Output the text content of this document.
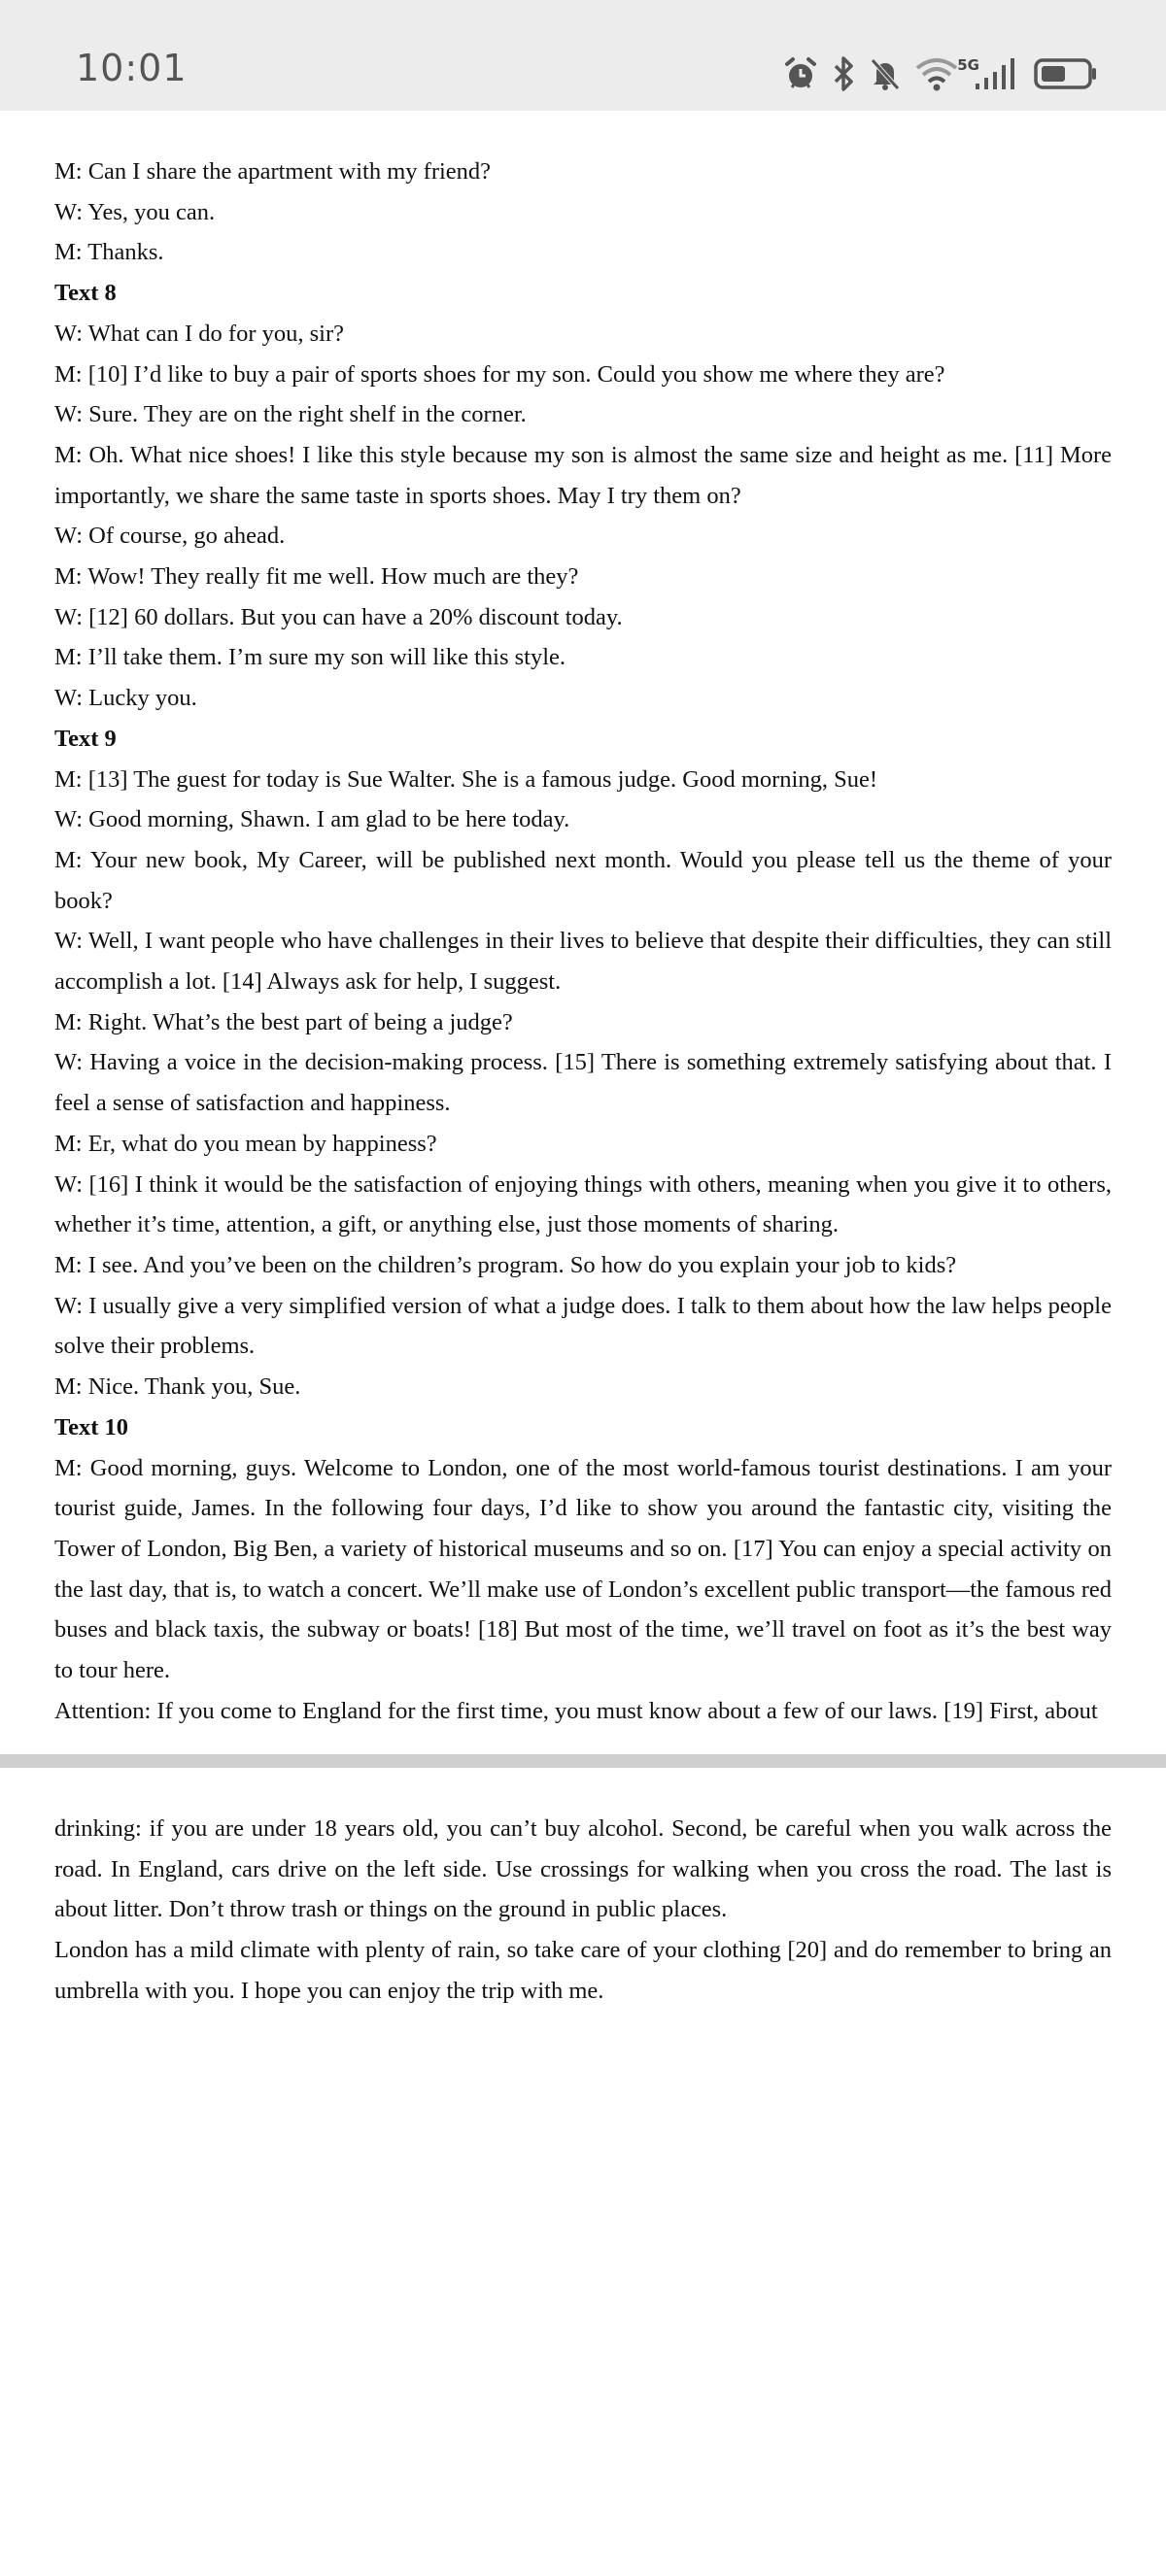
10:01	5G

M: Can I share the apartment with my friend?

W: Yes, you can.

M: Thanks.

Text 8

W: What can I do for you, sir?

M: [10] I’d like to buy a pair of sports shoes for my son. Could you show me where they are?

W: Sure. They are on the right shelf in the corner.

M: Oh. What nice shoes! I like this style because my son is almost the same size and height as me. [11] More importantly, we share the same taste in sports shoes. May I try them on?

W: Of course, go ahead.

M: Wow! They really fit me well. How much are they?

W: [12] 60 dollars. But you can have a 20% discount today.

M: I’ll take them. I’m sure my son will like this style.

W: Lucky you.

Text 9

M: [13] The guest for today is Sue Walter. She is a famous judge. Good morning, Sue!

W: Good morning, Shawn. I am glad to be here today.

M: Your new book, My Career, will be published next month. Would you please tell us the theme of your book?

W: Well, I want people who have challenges in their lives to believe that despite their difficulties, they can still accomplish a lot. [14] Always ask for help, I suggest.

M: Right. What’s the best part of being a judge?

W: Having a voice in the decision-making process. [15] There is something extremely satisfying about that. I feel a sense of satisfaction and happiness.

M: Er, what do you mean by happiness?

W: [16] I think it would be the satisfaction of enjoying things with others, meaning when you give it to others, whether it’s time, attention, a gift, or anything else, just those moments of sharing.

M: I see. And you’ve been on the children’s program. So how do you explain your job to kids?

W: I usually give a very simplified version of what a judge does. I talk to them about how the law helps people solve their problems.

M: Nice. Thank you, Sue.

Text 10

M: Good morning, guys. Welcome to London, one of the most world-famous tourist destinations. I am your tourist guide, James. In the following four days, I’d like to show you around the fantastic city, visiting the Tower of London, Big Ben, a variety of historical museums and so on. [17] You can enjoy a special activity on the last day, that is, to watch a concert. We’ll make use of London’s excellent public transport—the famous red buses and black taxis, the subway or boats! [18] But most of the time, we’ll travel on foot as it’s the best way to tour here.

Attention: If you come to England for the first time, you must know about a few of our laws. [19] First, about

drinking: if you are under 18 years old, you can’t buy alcohol. Second, be careful when you walk across the road. In England, cars drive on the left side. Use crossings for walking when you cross the road. The last is about litter. Don’t throw trash or things on the ground in public places.

London has a mild climate with plenty of rain, so take care of your clothing [20] and do remember to bring an umbrella with you. I hope you can enjoy the trip with me.
